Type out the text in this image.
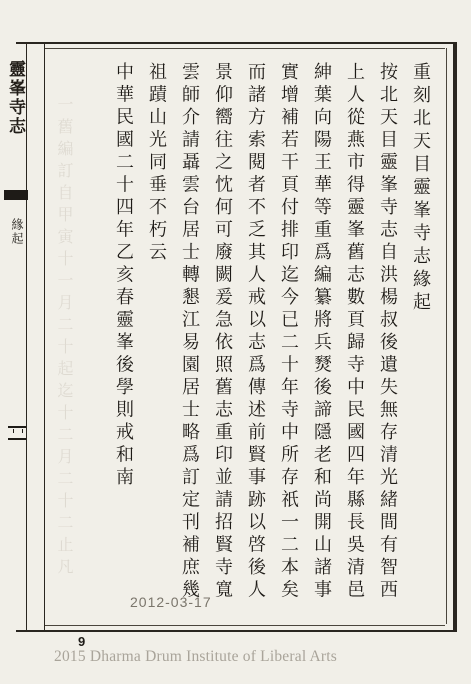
靈峯寺志
緣起 一舊編訂自甲寅十一月二十起迄十二月二十二止凡	重刻北天目靈峯寺志緣起
按北天目靈峯寺志自洪楊叔後遺失無存清光緒間有智西
上人從燕市得靈峯舊志數頁歸寺中民國四年縣長吳清邑
紳葉向陽王華等重爲編纂將兵燹後諦隱老和尚開山諸事
實增補若干頁付排印迄今已二十年寺中所存祇一二本矣
而諸方索閱者不乏其人戒以志爲傳述前賢事跡以啓後人
景仰嚮往之忱何可廢闕爰急依照舊志重印並請招賢寺寬
雲師介請聶雲台居士轉懇江易園居士略爲訂定刊補庶幾
祖蹟山光同垂不朽云
中華民國二十四年乙亥春靈峯後學則戒和南
2012-03-17
9
2015 Dharma Drum Institute of Liberal Arts
